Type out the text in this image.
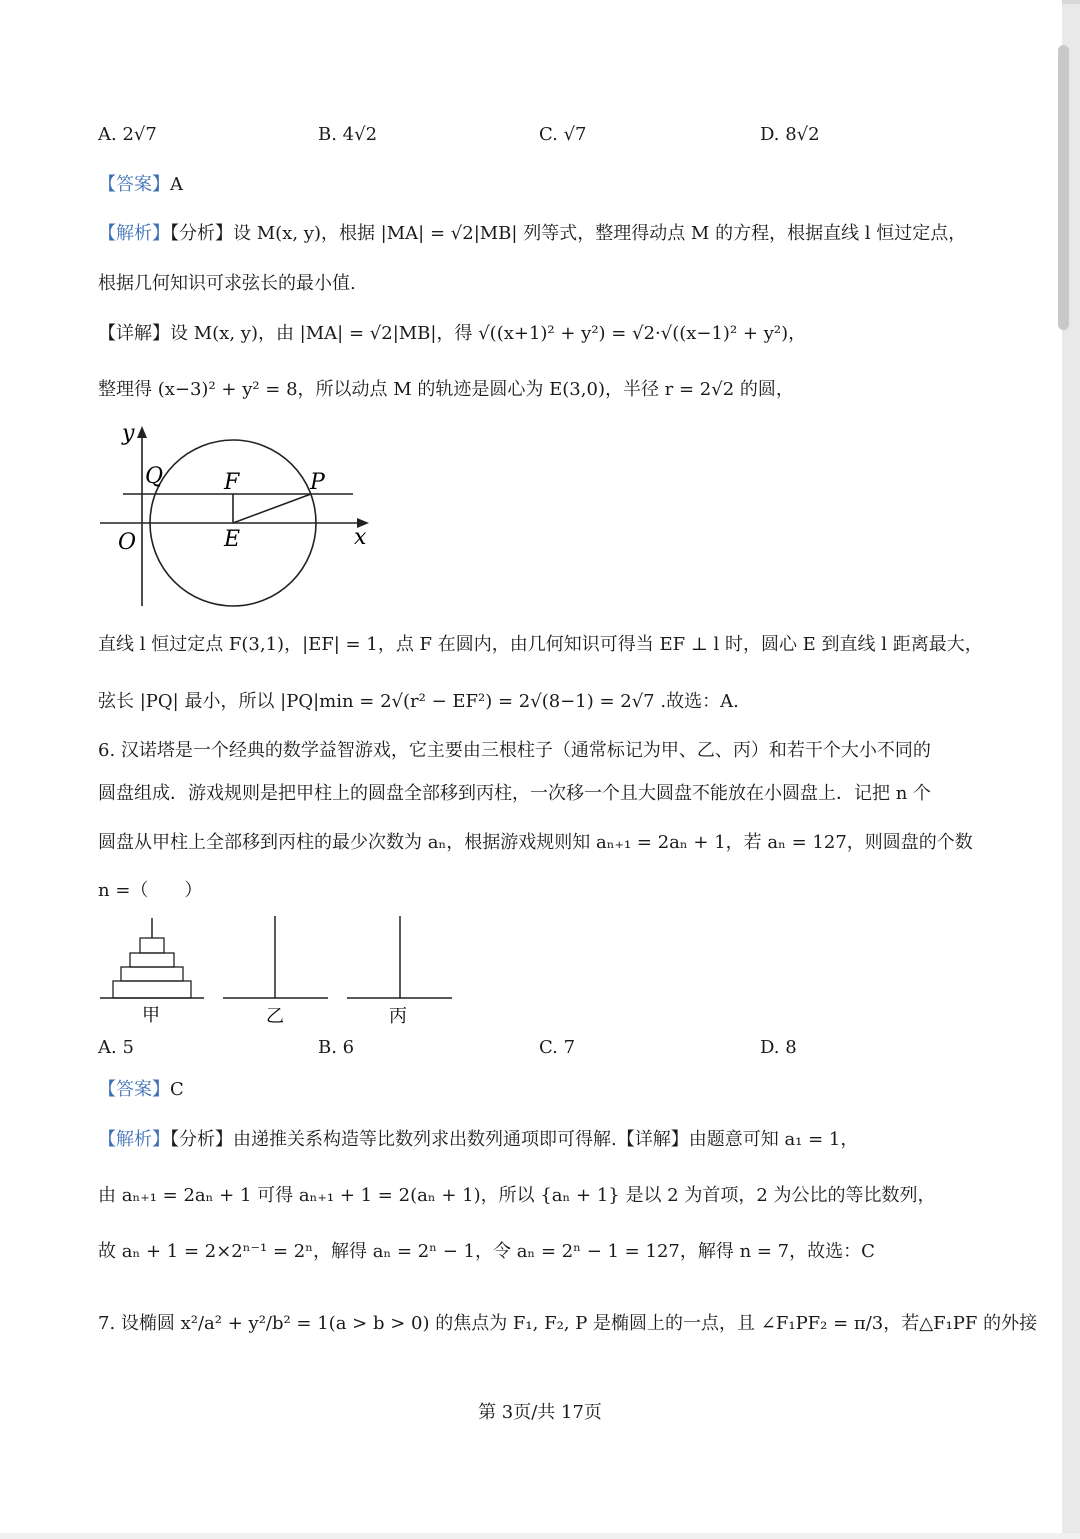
A. 2√7	B. 4√2	C. √7	D. 8√2
【答案】A
【解析】【分析】设 M(x, y)，根据 |MA| = √2|MB| 列等式，整理得动点 M 的方程，根据直线 l 恒过定点，
根据几何知识可求弦长的最小值.
【详解】设 M(x, y)，由 |MA| = √2|MB|，得 √((x+1)² + y²) = √2·√((x−1)² + y²)，
整理得 (x−3)² + y² = 8，所以动点 M 的轨迹是圆心为 E(3,0)，半径 r = 2√2 的圆，
y
x
O
Q	F	P
E
直线 l 恒过定点 F(3,1)，|EF| = 1，点 F 在圆内，由几何知识可得当 EF ⊥ l 时，圆心 E 到直线 l 距离最大，
弦长 |PQ| 最小，所以 |PQ|min = 2√(r² − EF²) = 2√(8−1) = 2√7 .故选：A.
6. 汉诺塔是一个经典的数学益智游戏，它主要由三根柱子（通常标记为甲、乙、丙）和若干个大小不同的
圆盘组成．游戏规则是把甲柱上的圆盘全部移到丙柱，一次移一个且大圆盘不能放在小圆盘上．记把 n 个
圆盘从甲柱上全部移到丙柱的最少次数为 aₙ，根据游戏规则知 aₙ₊₁ = 2aₙ + 1，若 aₙ = 127，则圆盘的个数
n =（　　）
甲	乙	丙
A. 5	B. 6	C. 7	D. 8
【答案】C
【解析】【分析】由递推关系构造等比数列求出数列通项即可得解.【详解】由题意可知 a₁ = 1，
由 aₙ₊₁ = 2aₙ + 1 可得 aₙ₊₁ + 1 = 2(aₙ + 1)，所以 {aₙ + 1} 是以 2 为首项，2 为公比的等比数列，
故 aₙ + 1 = 2×2ⁿ⁻¹ = 2ⁿ，解得 aₙ = 2ⁿ − 1，令 aₙ = 2ⁿ − 1 = 127，解得 n = 7，故选：C
7. 设椭圆 x²/a² + y²/b² = 1(a > b > 0) 的焦点为 F₁, F₂, P 是椭圆上的一点，且 ∠F₁PF₂ = π/3，若△F₁PF 的外接
第 3页/共 17页
